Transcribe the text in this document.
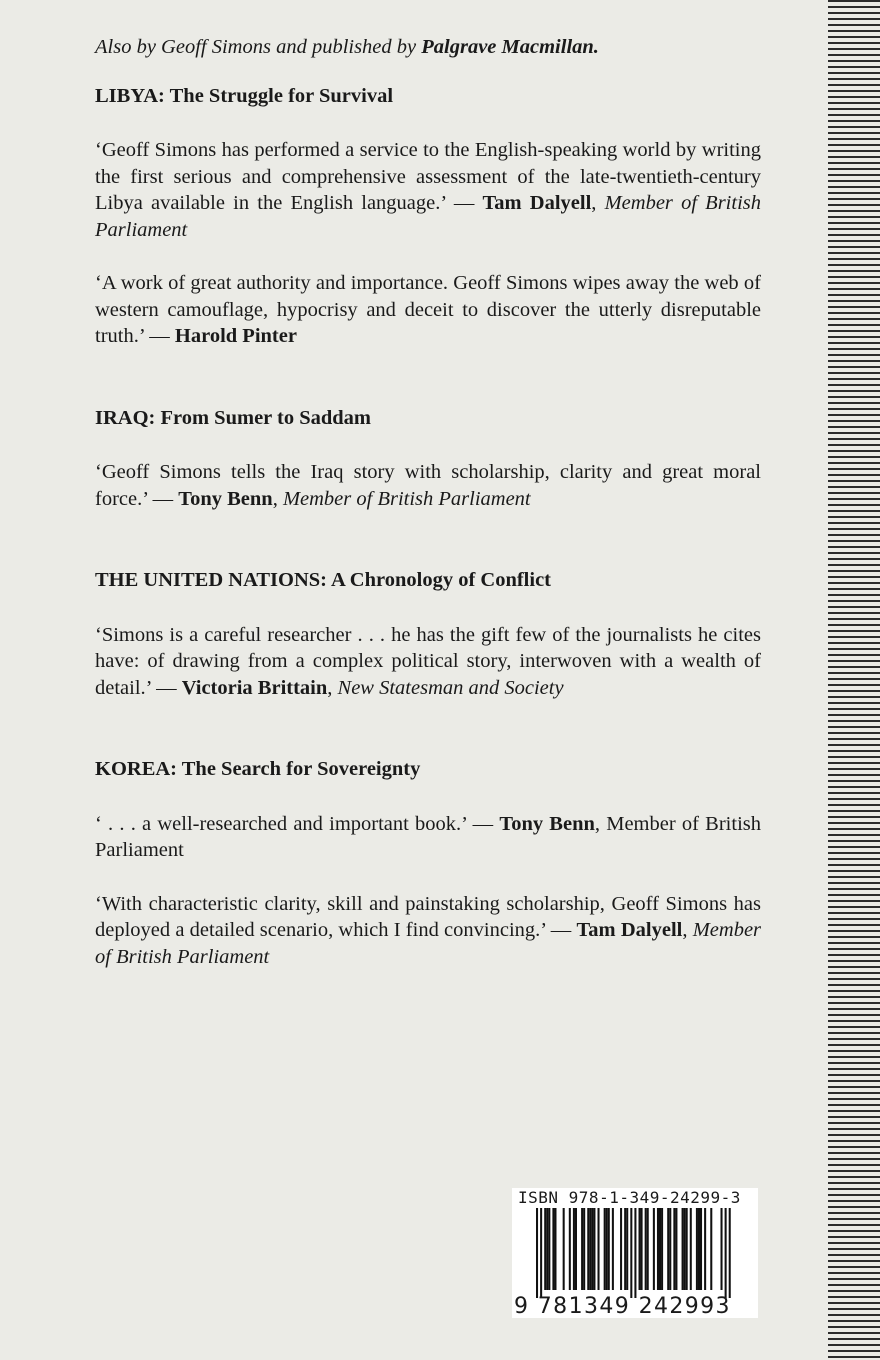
Also by Geoff Simons and published by Palgrave Macmillan.

LIBYA: The Struggle for Survival

‘Geoff Simons has performed a service to the English-speaking world by writing the first serious and comprehensive assessment of the late-twentieth-century Libya available in the English language.’ — Tam Dalyell, Member of British Parliament

‘A work of great authority and importance. Geoff Simons wipes away the web of western camouflage, hypocrisy and deceit to discover the utterly disreputable truth.’ — Harold Pinter

IRAQ: From Sumer to Saddam

‘Geoff Simons tells the Iraq story with scholarship, clarity and great moral force.’ — Tony Benn, Member of British Parliament

THE UNITED NATIONS: A Chronology of Conflict

‘Simons is a careful researcher . . . he has the gift few of the journalists he cites have: of drawing from a complex political story, interwoven with a wealth of detail.’ — Victoria Brittain, New Statesman and Society

KOREA: The Search for Sovereignty

‘ . . . a well-researched and important book.’ — Tony Benn, Member of British Parliament

‘With characteristic clarity, skill and painstaking scholarship, Geoff Simons has deployed a detailed scenario, which I find convincing.’ — Tam Dalyell, Member of British Parliament

ISBN 978-1-349-24299-3
9 781349 242993
